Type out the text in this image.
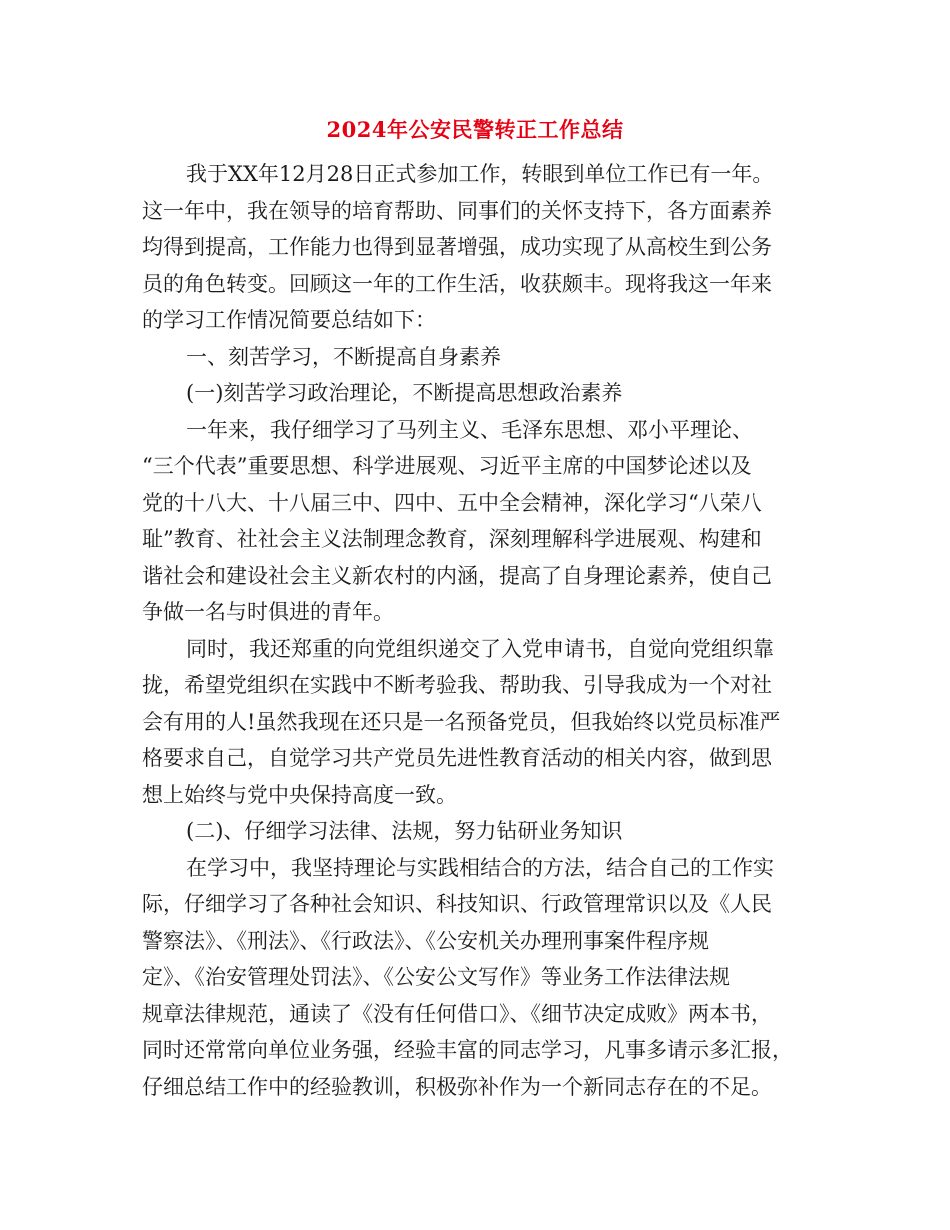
2024年公安民警转正工作总结
我于XX年12月28日正式参加工作，转眼到单位工作已有一年。
这一年中，我在领导的培育帮助、同事们的关怀支持下，各方面素养
均得到提高，工作能力也得到显著增强，成功实现了从高校生到公务
员的角色转变。回顾这一年的工作生活，收获颇丰。现将我这一年来
的学习工作情况简要总结如下：
一、刻苦学习，不断提高自身素养
(一)刻苦学习政治理论，不断提高思想政治素养
一年来，我仔细学习了马列主义、毛泽东思想、邓小平理论、
“三个代表”重要思想、科学进展观、习近平主席的中国梦论述以及
党的十八大、十八届三中、四中、五中全会精神，深化学习“八荣八
耻”教育、社社会主义法制理念教育，深刻理解科学进展观、构建和
谐社会和建设社会主义新农村的内涵，提高了自身理论素养，使自己
争做一名与时俱进的青年。
同时，我还郑重的向党组织递交了入党申请书，自觉向党组织靠
拢，希望党组织在实践中不断考验我、帮助我、引导我成为一个对社
会有用的人!虽然我现在还只是一名预备党员，但我始终以党员标准严
格要求自己，自觉学习共产党员先进性教育活动的相关内容，做到思
想上始终与党中央保持高度一致。
(二)、仔细学习法律、法规，努力钻研业务知识
在学习中，我坚持理论与实践相结合的方法，结合自己的工作实
际，仔细学习了各种社会知识、科技知识、行政管理常识以及《人民
警察法》、《刑法》、《行政法》、《公安机关办理刑事案件程序规
定》、《治安管理处罚法》、《公安公文写作》等业务工作法律法规
规章法律规范，通读了《没有任何借口》、《细节决定成败》两本书，
同时还常常向单位业务强，经验丰富的同志学习，凡事多请示多汇报，
仔细总结工作中的经验教训，积极弥补作为一个新同志存在的不足。
